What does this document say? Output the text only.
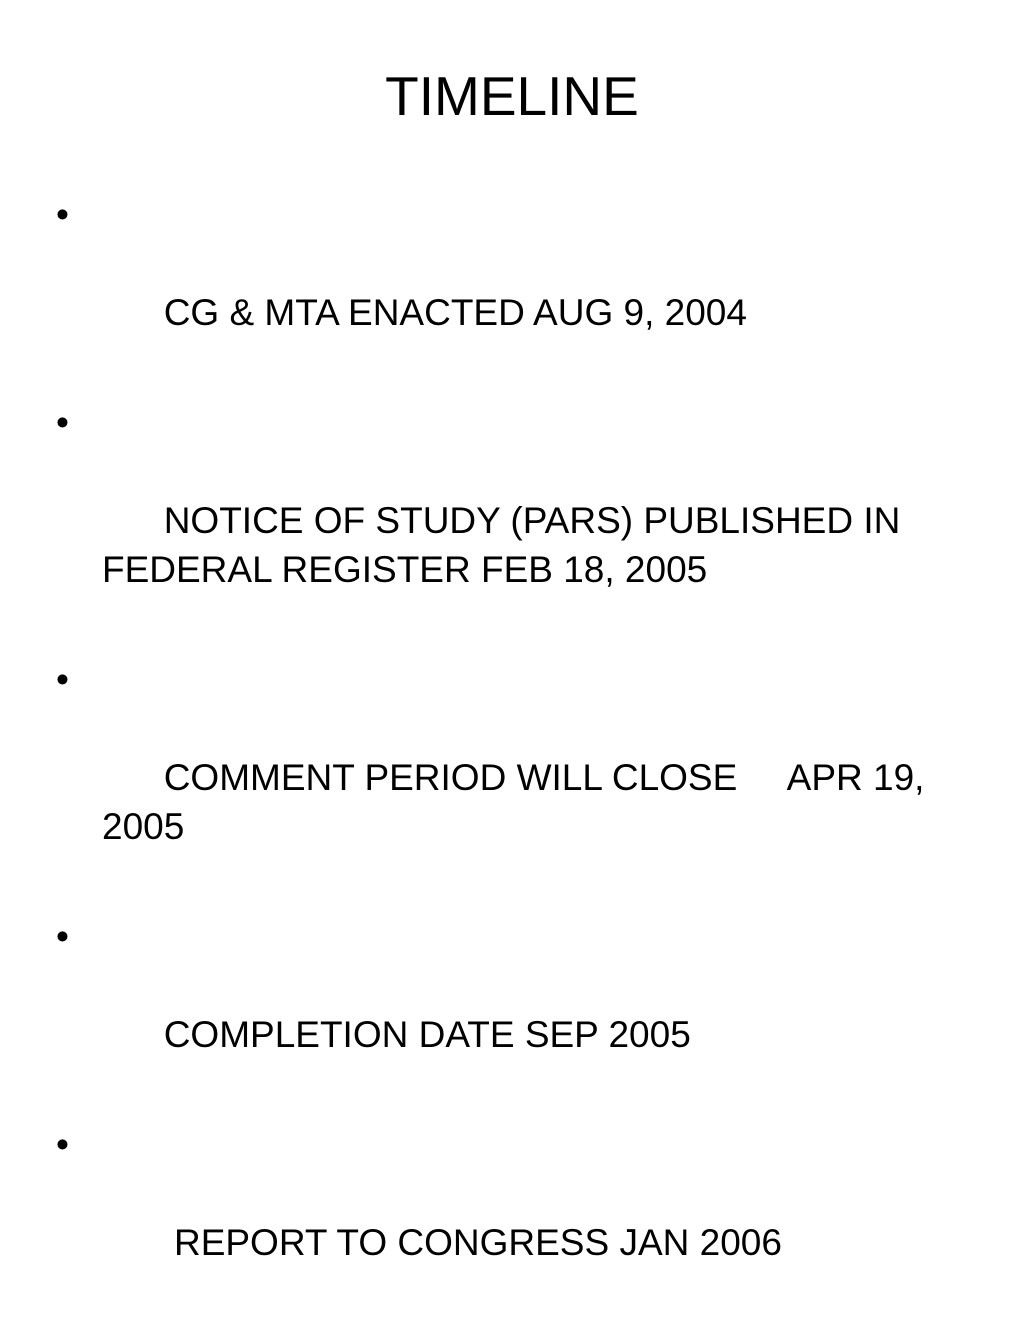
TIMELINE

•

CG & MTA ENACTED AUG 9, 2004

•

NOTICE OF STUDY (PARS) PUBLISHED IN FEDERAL REGISTER FEB 18, 2005

•

COMMENT PERIOD WILL CLOSE     APR 19, 2005

•

COMPLETION DATE SEP 2005

•

REPORT TO CONGRESS JAN 2006
